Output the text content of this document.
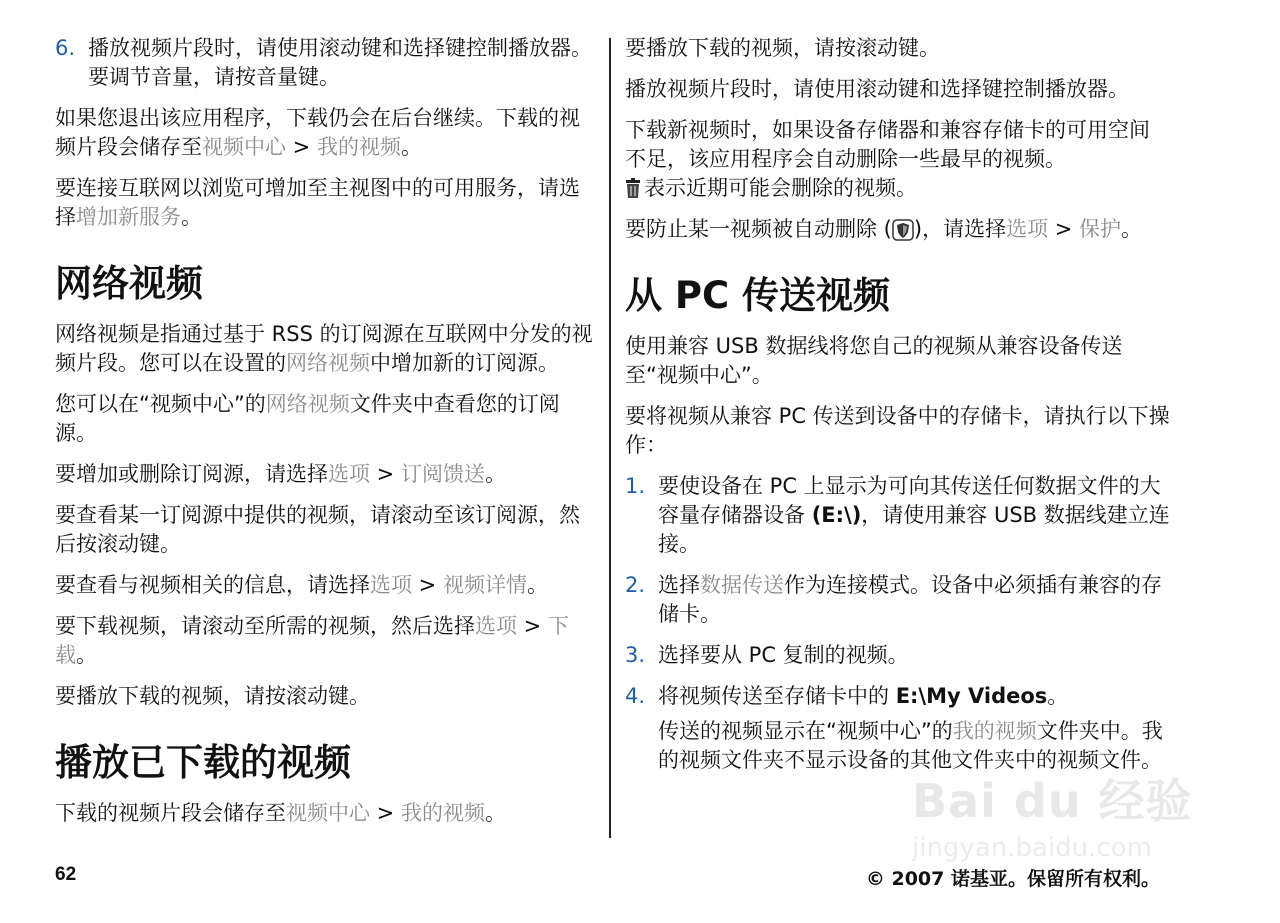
6. 播放视频片段时，请使用滚动键和选择键控制播放器。要调节音量，请按音量键。

如果您退出该应用程序，下载仍会在后台继续。下载的视频片段会储存至视频中心 > 我的视频。

要连接互联网以浏览可增加至主视图中的可用服务，请选择增加新服务。

网络视频

网络视频是指通过基于 RSS 的订阅源在互联网中分发的视频片段。您可以在设置的网络视频中增加新的订阅源。

您可以在“视频中心”的网络视频文件夹中查看您的订阅源。

要增加或删除订阅源，请选择选项 > 订阅馈送。

要查看某一订阅源中提供的视频，请滚动至该订阅源，然后按滚动键。

要查看与视频相关的信息，请选择选项 > 视频详情。

要下载视频，请滚动至所需的视频，然后选择选项 > 下载。

要播放下载的视频，请按滚动键。

播放已下载的视频

下载的视频片段会储存至视频中心 > 我的视频。

要播放下载的视频，请按滚动键。

播放视频片段时，请使用滚动键和选择键控制播放器。

下载新视频时，如果设备存储器和兼容存储卡的可用空间不足，该应用程序会自动删除一些最早的视频。
表示近期可能会删除的视频。

要防止某一视频被自动删除 ( )，请选择选项 > 保护。

从 PC 传送视频

使用兼容 USB 数据线将您自己的视频从兼容设备传送至“视频中心”。

要将视频从兼容 PC 传送到设备中的存储卡，请执行以下操作：

1. 要使设备在 PC 上显示为可向其传送任何数据文件的大容量存储器设备 (E:\)，请使用兼容 USB 数据线建立连接。
2. 选择数据传送作为连接模式。设备中必须插有兼容的存储卡。
3. 选择要从 PC 复制的视频。
4. 将视频传送至存储卡中的 E:\My Videos。

传送的视频显示在“视频中心”的我的视频文件夹中。我的视频文件夹不显示设备的其他文件夹中的视频文件。

Bai du 经验
jingyan.baidu.com
62	© 2007 诺基亚。保留所有权利。
